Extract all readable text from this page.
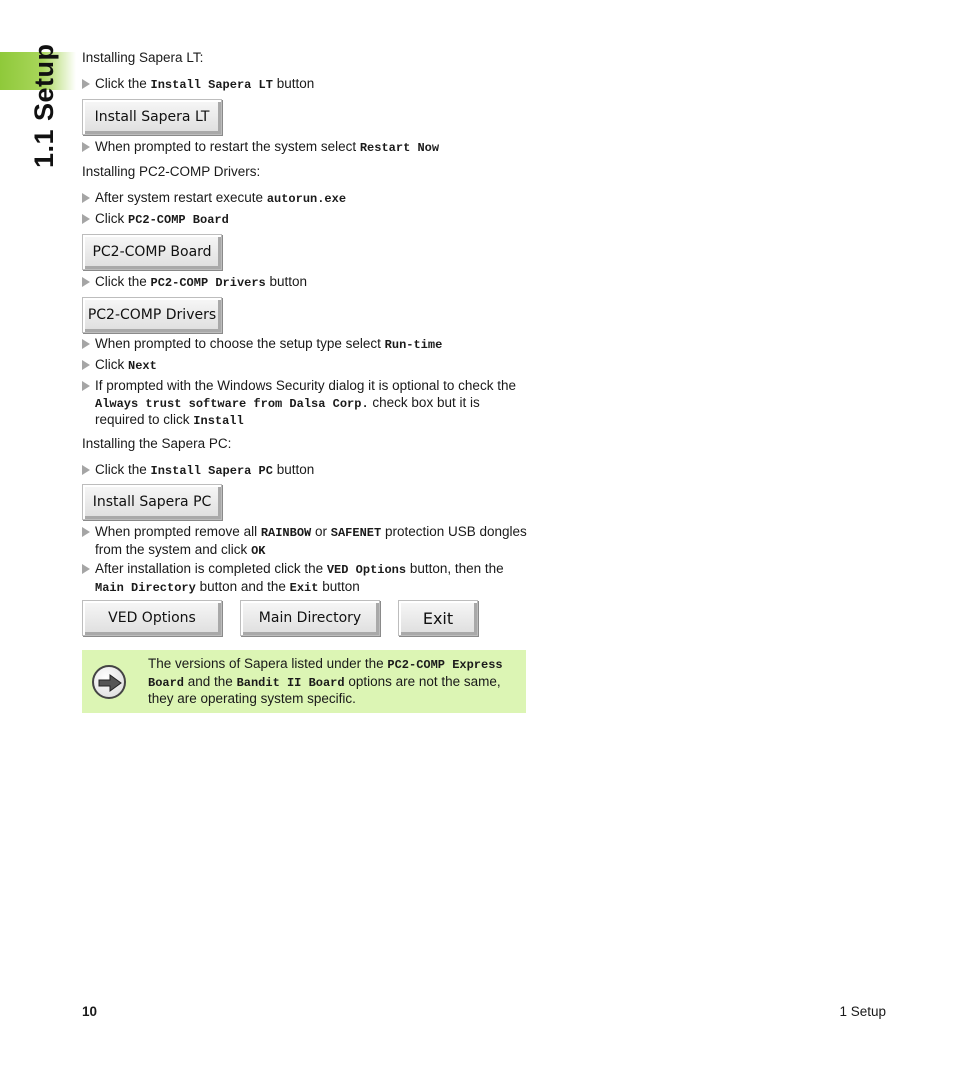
1.1 Setup Installing Sapera LT:
Click the Install Sapera LT button
Install Sapera LT
When prompted to restart the system select Restart Now
Installing PC2-COMP Drivers:
After system restart execute autorun.exe
Click PC2-COMP Board
PC2-COMP Board
Click the PC2-COMP Drivers button
PC2-COMP Drivers
When prompted to choose the setup type select Run-time
Click Next
If prompted with the Windows Security dialog it is optional to check the Always trust software from Dalsa Corp. check box but it is required to click Install
Installing the Sapera PC:
Click the Install Sapera PC button
Install Sapera PC
When prompted remove all RAINBOW or SAFENET protection USB dongles from the system and click OK
After installation is completed click the VED Options button, then the Main Directory button and the Exit button
VED Options	Main Directory	Exit
The versions of Sapera listed under the PC2-COMP Express Board and the Bandit II Board options are not the same, they are operating system specific.
10	1 Setup
